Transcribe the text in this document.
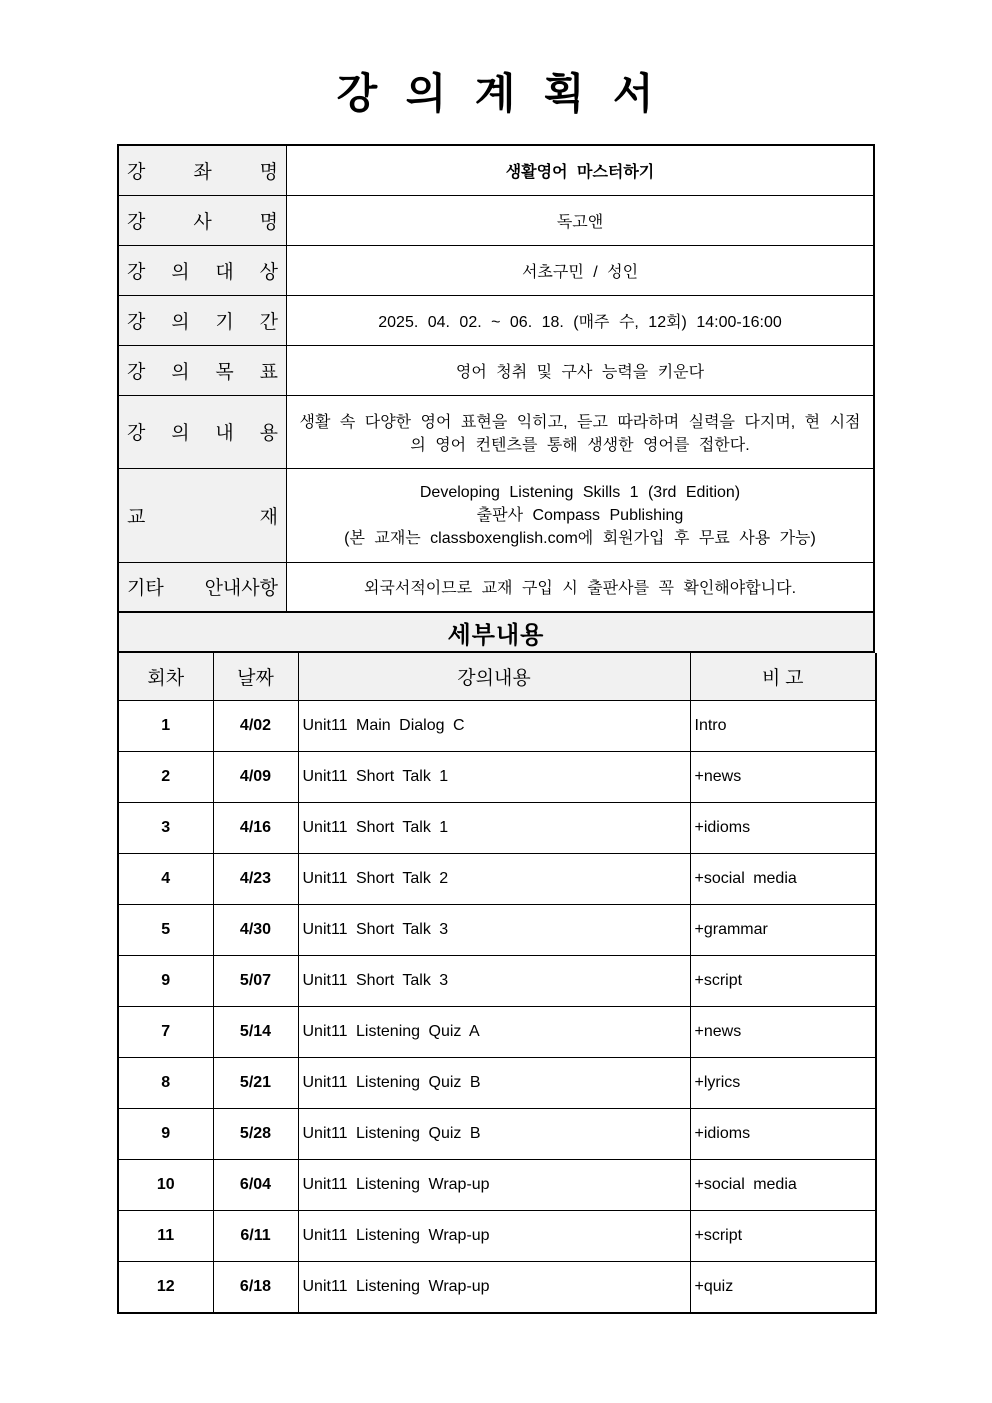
강 의 계 획 서
강 좌 명	생활영어 마스터하기
강 사 명	독고앤
강 의 대 상	서초구민 / 성인
강 의 기 간	2025. 04. 02. ~ 06. 18. (매주 수, 12회) 14:00-16:00
강 의 목 표	영어 청취 및 구사 능력을 키운다
강 의 내 용	생활 속 다양한 영어 표현을 익히고, 듣고 따라하며 실력을 다지며, 현 시점의 영어 컨텐츠를 통해 생생한 영어를 접한다.
교 재	Developing Listening Skills 1 (3rd Edition)
출판사 Compass Publishing
(본 교재는 classboxenglish.com에 회원가입 후 무료 사용 가능)

기타 안내사항	외국서적이므로 교재 구입 시 출판사를 꼭 확인해야합니다.
세부내용
회차	날짜	강의내용	비 고
1	4/02	Unit11 Main Dialog C	Intro
2	4/09	Unit11 Short Talk 1	+news
3	4/16	Unit11 Short Talk 1	+idioms
4	4/23	Unit11 Short Talk 2	+social media
5	4/30	Unit11 Short Talk 3	+grammar
9	5/07	Unit11 Short Talk 3	+script
7	5/14	Unit11 Listening Quiz A	+news
8	5/21	Unit11 Listening Quiz B	+lyrics
9	5/28	Unit11 Listening Quiz B	+idioms
10	6/04	Unit11 Listening Wrap-up	+social media
11	6/11	Unit11 Listening Wrap-up	+script
12	6/18	Unit11 Listening Wrap-up	+quiz
